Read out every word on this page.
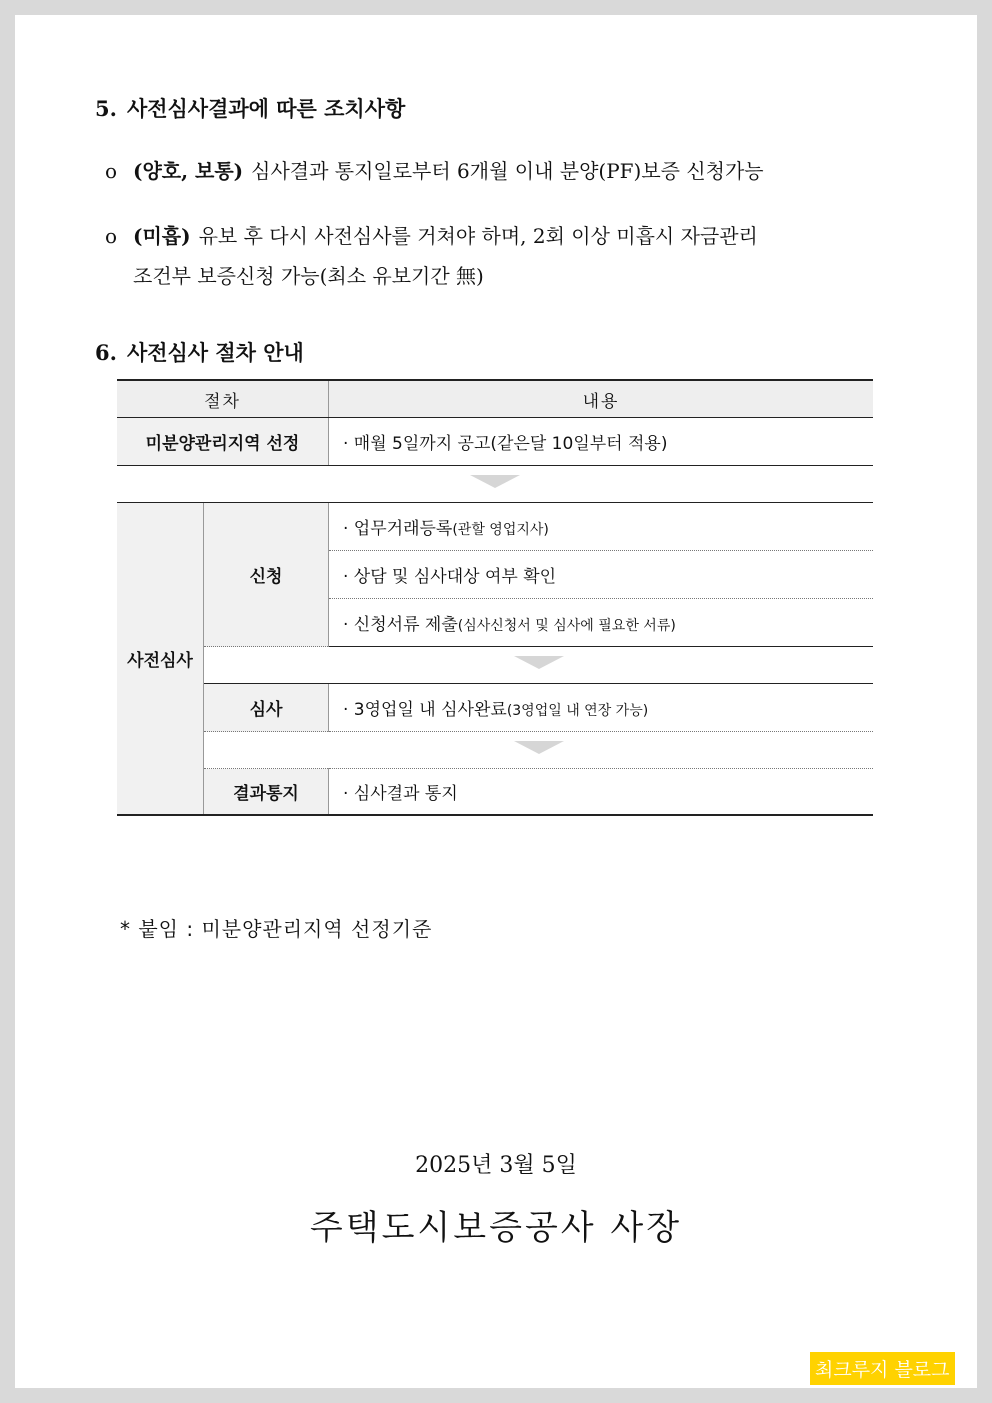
5. 사전심사결과에 따른 조치사항
o (양호, 보통) 심사결과 통지일로부터 6개월 이내 분양(PF)보증 신청가능
o (미흡) 유보 후 다시 사전심사를 거쳐야 하며, 2회 이상 미흡시 자금관리
조건부 보증신청 가능(최소 유보기간 無)
6. 사전심사 절차 안내
절차		내용
미분양관리지역 선정		· 매월 5일까지 공고(같은달 10일부터 적용)

사전심사	신청	· 업무거래등록(관할 영업지사)
		· 상담 및 심사대상 여부 확인
		· 신청서류 제출(심사신청서 및 심사에 필요한 서류)

	심사	· 3영업일 내 심사완료(3영업일 내 연장 가능)

	결과통지	· 심사결과 통지
* 붙임 : 미분양관리지역 선정기준
2025년 3월 5일
주택도시보증공사 사장
최크루지 블로그
